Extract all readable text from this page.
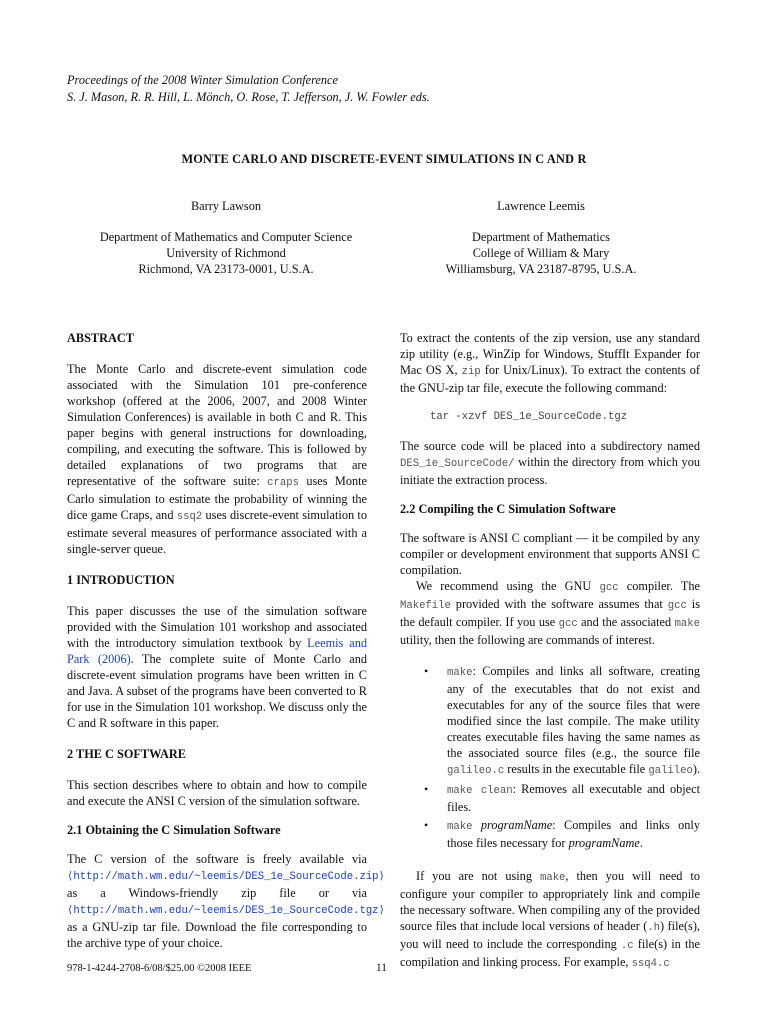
Proceedings of the 2008 Winter Simulation Conference
S. J. Mason, R. R. Hill, L. Mönch, O. Rose, T. Jefferson, J. W. Fowler eds.
MONTE CARLO AND DISCRETE-EVENT SIMULATIONS IN C AND R
Barry Lawson
Department of Mathematics and Computer Science
University of Richmond
Richmond, VA 23173-0001, U.S.A.
Lawrence Leemis
Department of Mathematics
College of William & Mary
Williamsburg, VA 23187-8795, U.S.A.
ABSTRACT

The Monte Carlo and discrete-event simulation code associated with the Simulation 101 pre-conference workshop (offered at the 2006, 2007, and 2008 Winter Simulation Conferences) is available in both C and R. This paper begins with general instructions for downloading, compiling, and executing the software. This is followed by detailed explanations of two programs that are representative of the software suite: craps uses Monte Carlo simulation to estimate the probability of winning the dice game Craps, and ssq2 uses discrete-event simulation to estimate several measures of performance associated with a single-server queue.

1 INTRODUCTION

This paper discusses the use of the simulation software provided with the Simulation 101 workshop and associated with the introductory simulation textbook by Leemis and Park (2006). The complete suite of Monte Carlo and discrete-event simulation programs have been written in C and Java. A subset of the programs have been converted to R for use in the Simulation 101 workshop. We discuss only the C and R software in this paper.

2 THE C SOFTWARE

This section describes where to obtain and how to compile and execute the ANSI C version of the simulation software.

2.1 Obtaining the C Simulation Software

The C version of the software is freely available via ⟨http://math.wm.edu/~leemis/DES_1e_SourceCode.zip⟩ as a Windows-friendly zip file or via ⟨http://math.wm.edu/~leemis/DES_1e_SourceCode.tgz⟩ as a GNU-zip tar file. Download the file corresponding to the archive type of your choice.

To extract the contents of the zip version, use any standard zip utility (e.g., WinZip for Windows, StuffIt Expander for Mac OS X, zip for Unix/Linux). To extract the contents of the GNU-zip tar file, execute the following command:

tar -xzvf DES_1e_SourceCode.tgz

The source code will be placed into a subdirectory named DES_1e_SourceCode/ within the directory from which you initiate the extraction process.

2.2 Compiling the C Simulation Software

The software is ANSI C compliant — it be compiled by any compiler or development environment that supports ANSI C compilation.

We recommend using the GNU gcc compiler. The Makefile provided with the software assumes that gcc is the default compiler. If you use gcc and the associated make utility, then the following are commands of interest.

• make: Compiles and links all software, creating any of the executables that do not exist and executables for any of the source files that were modified since the last compile. The make utility creates executable files having the same names as the associated source files (e.g., the source file galileo.c results in the executable file galileo).
• make clean: Removes all executable and object files.
• make programName: Compiles and links only those files necessary for programName.

If you are not using make, then you will need to configure your compiler to appropriately link and compile the necessary software. When compiling any of the provided source files that include local versions of header (.h) file(s), you will need to include the corresponding .c file(s) in the compilation and linking process. For example, ssq4.c

978-1-4244-2708-6/08/$25.00 ©2008 IEEE	11
